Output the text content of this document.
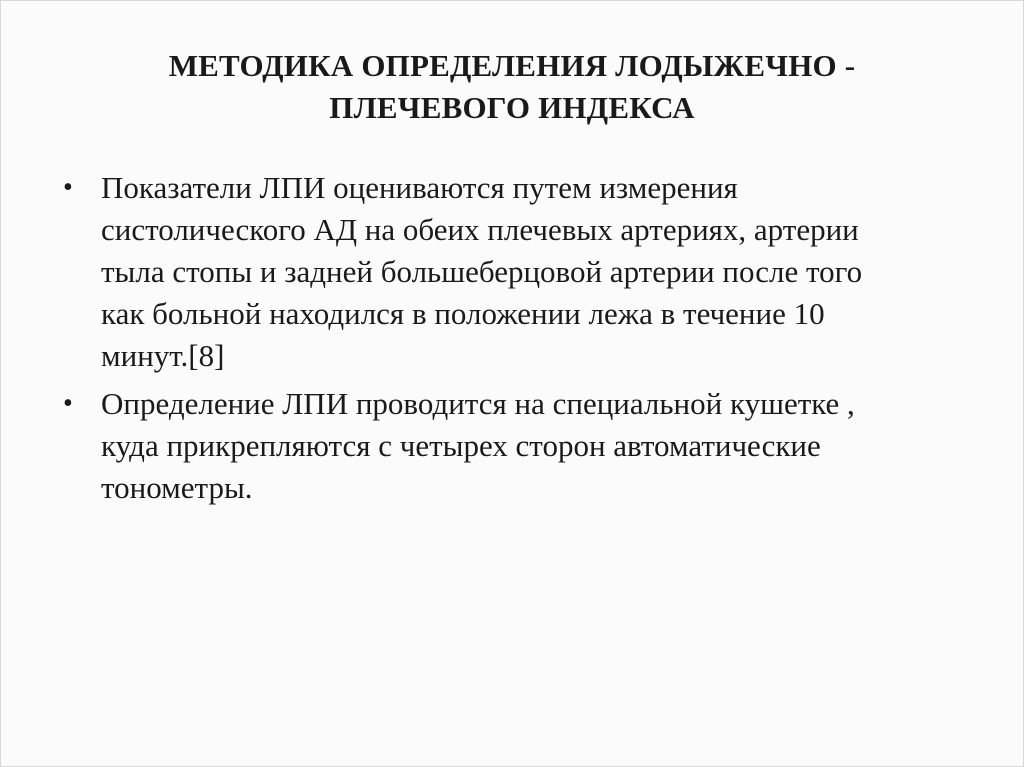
МЕТОДИКА ОПРЕДЕЛЕНИЯ ЛОДЫЖЕЧНО -
ПЛЕЧЕВОГО ИНДЕКСА
• Показатели ЛПИ оцениваются путем измерения
систолического АД на обеих плечевых артериях, артерии
тыла стопы и задней большеберцовой артерии после того
как больной находился в положении лежа в течение 10
минут.[8]
• Определение ЛПИ проводится на специальной кушетке ,
куда прикрепляются с четырех сторон автоматические
тонометры.
